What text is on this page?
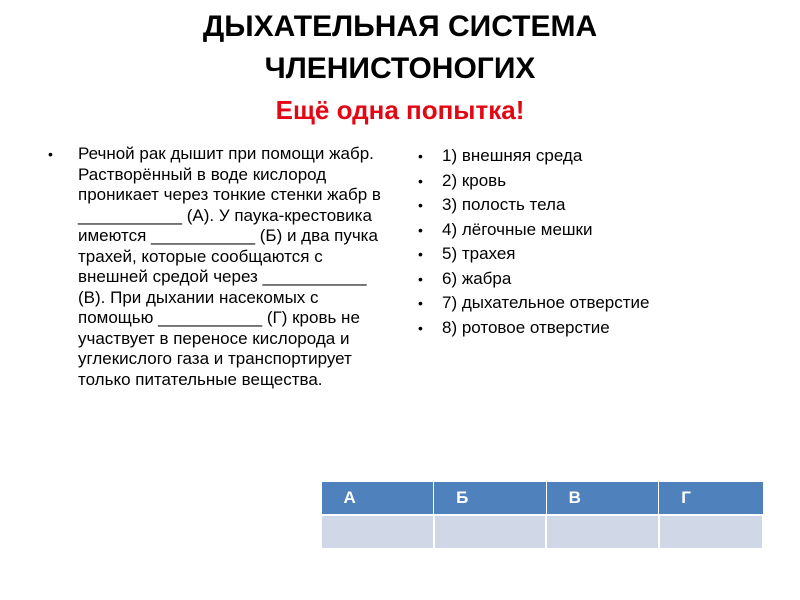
ДЫХАТЕЛЬНАЯ СИСТЕМА
ЧЛЕНИСТОНОГИХ
Ещё одна попытка!
• Речной рак дышит при помощи жабр. Растворённый в воде кислород проникает через тонкие стенки жабр в ___________ (А). У паука-крестовика имеются ___________ (Б) и два пучка трахей, которые сообщаются с внешней средой через ___________ (В). При дыхании насекомых с помощью ___________ (Г) кровь не участвует в переносе кислорода и углекислого газа и транспортирует только питательные вещества.
• 1) внешняя среда
• 2) кровь
• 3) полость тела
• 4) лёгочные мешки
• 5) трахея
• 6) жабра
• 7) дыхательное отверстие
• 8) ротовое отверстие
А	Б	В	Г
